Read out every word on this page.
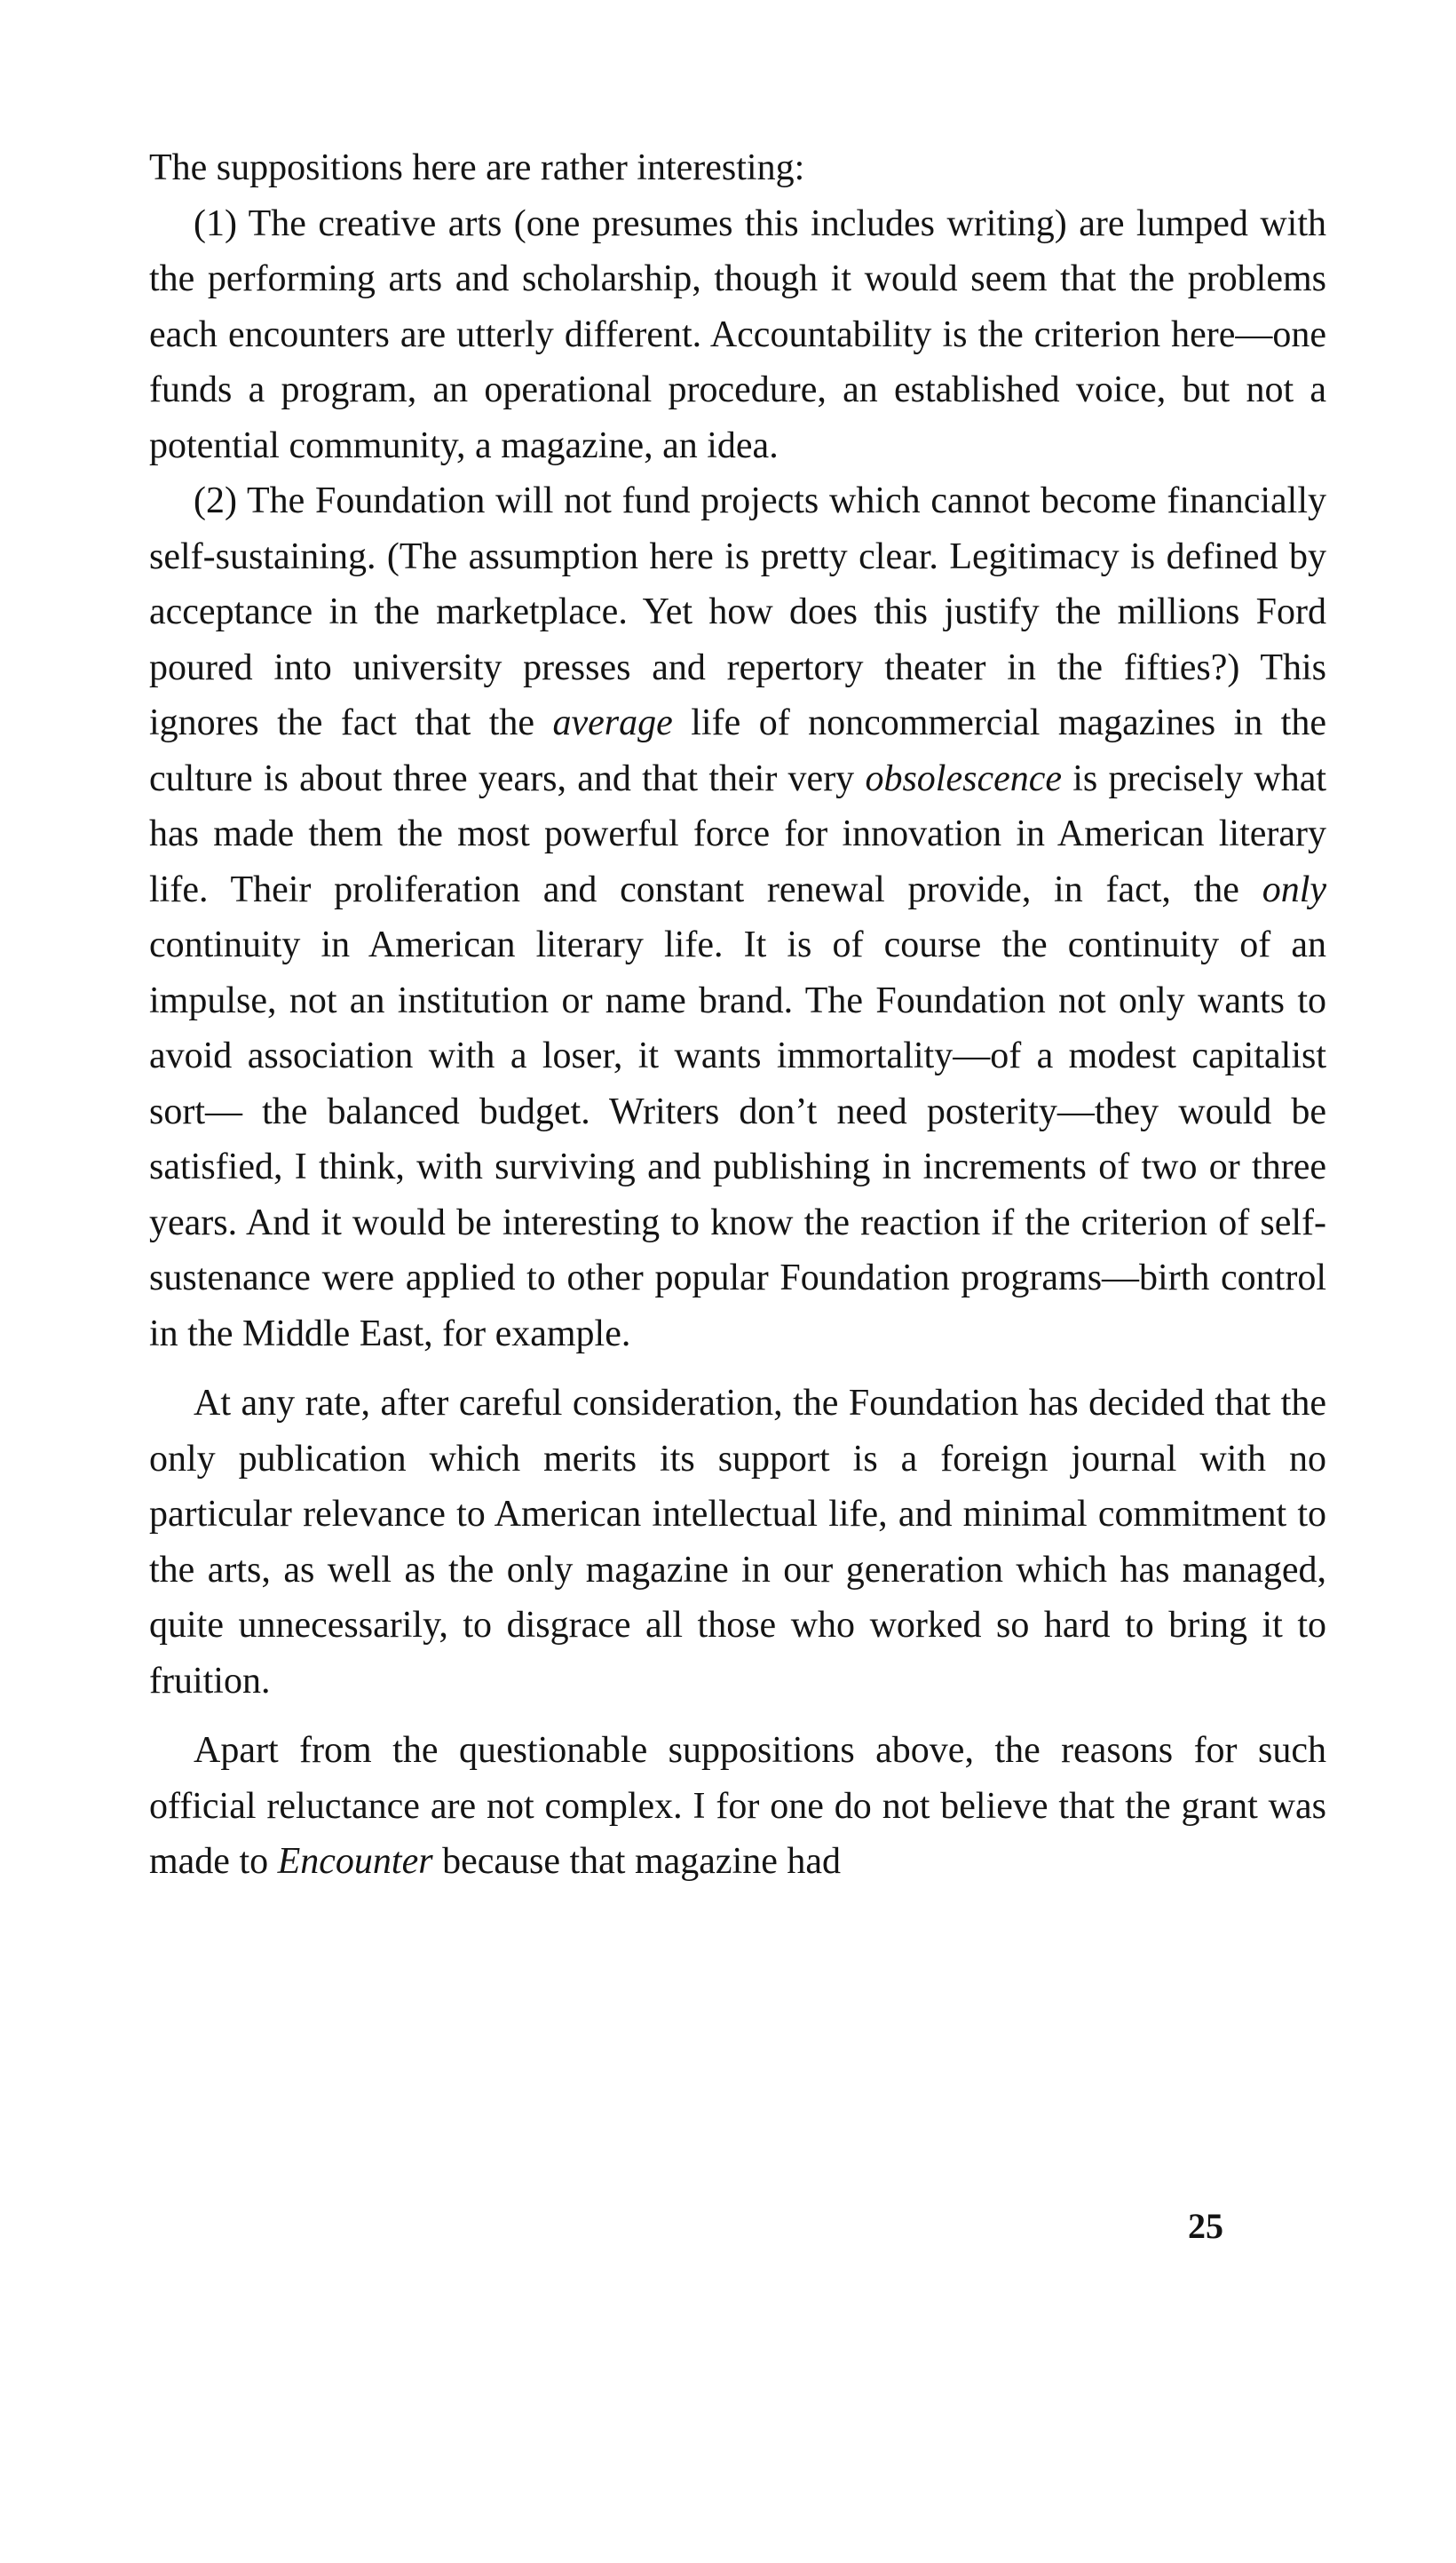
The suppositions here are rather interesting:

(1) The creative arts (one presumes this includes writing) are lumped with the performing arts and scholarship, though it would seem that the problems each encounters are utterly different. Accountability is the criterion here—one funds a program, an operational procedure, an established voice, but not a potential community, a magazine, an idea.

(2) The Foundation will not fund projects which cannot become financially self-sustaining. (The assumption here is pretty clear. Legitimacy is defined by acceptance in the marketplace. Yet how does this justify the millions Ford poured into university presses and repertory theater in the fifties?) This ignores the fact that the average life of noncommercial magazines in the culture is about three years, and that their very obsolescence is precisely what has made them the most powerful force for innovation in American literary life. Their proliferation and constant renewal provide, in fact, the only continuity in American literary life. It is of course the continuity of an impulse, not an institution or name brand. The Foundation not only wants to avoid association with a loser, it wants immortality—of a modest capitalist sort— the balanced budget. Writers don’t need posterity—they would be satisfied, I think, with surviving and publishing in increments of two or three years. And it would be interesting to know the reaction if the criterion of self-sustenance were applied to other popular Foundation programs—birth control in the Middle East, for example.

At any rate, after careful consideration, the Foundation has decided that the only publication which merits its support is a foreign journal with no particular relevance to American intellectual life, and minimal commitment to the arts, as well as the only magazine in our generation which has managed, quite unnecessarily, to disgrace all those who worked so hard to bring it to fruition.

Apart from the questionable suppositions above, the reasons for such official reluctance are not complex. I for one do not believe that the grant was made to Encounter because that magazine had

25
